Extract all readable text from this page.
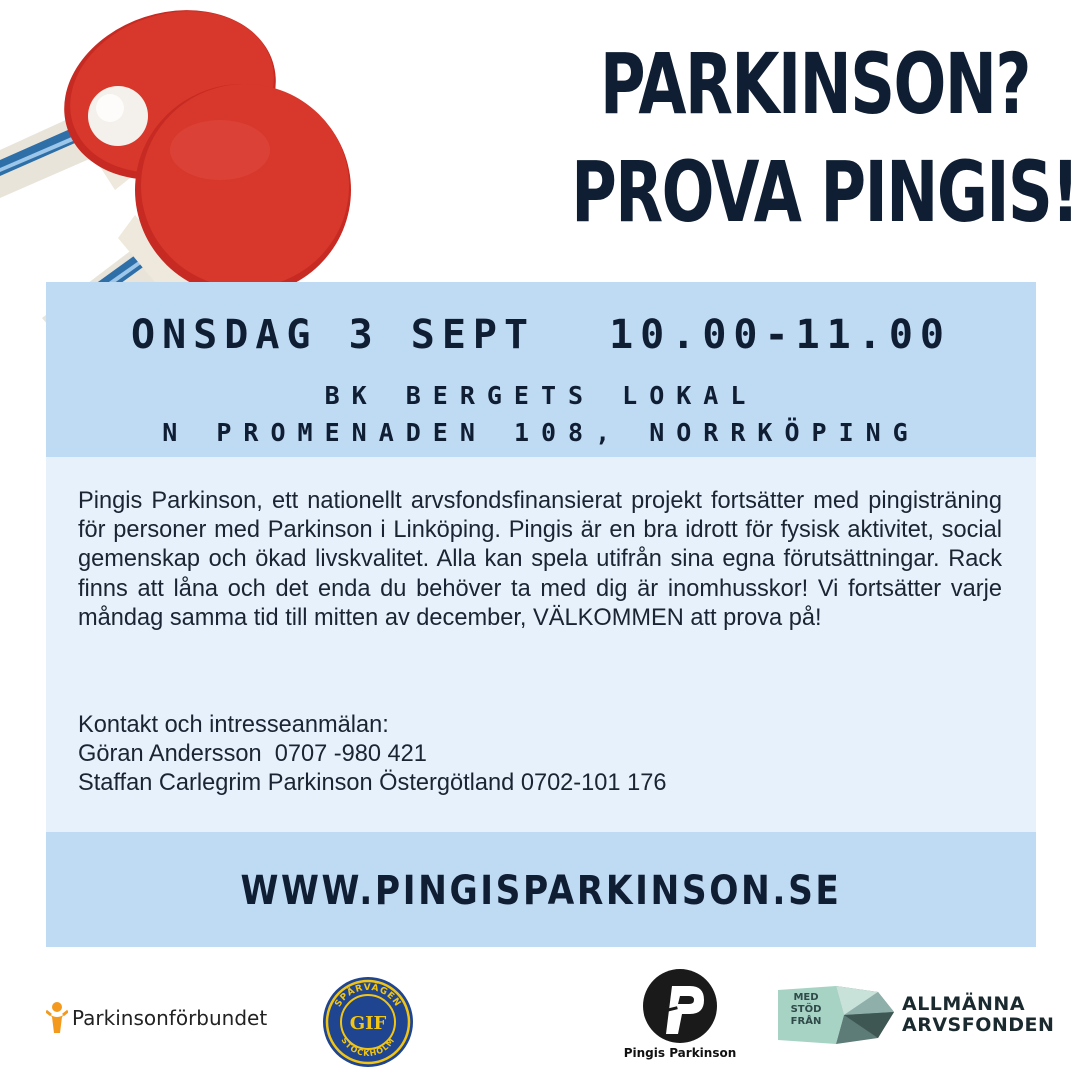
PARKINSON?
PROVA PINGIS!
ONSDAG 3 SEPT 10.00-11.00
BK BERGETS LOKAL
N PROMENADEN 108, NORRKÖPING

Pingis Parkinson, ett nationellt arvsfondsfinansierat projekt fortsätter med pingisträning för personer med Parkinson i Linköping. Pingis är en bra idrott för fysisk aktivitet, social gemenskap och ökad livskvalitet. Alla kan spela utifrån sina egna förutsättningar. Rack finns att låna och det enda du behöver ta med dig är inomhusskor! Vi fortsätter varje måndag samma tid till mitten av december, VÄLKOMMEN att prova på!

Kontakt och intresseanmälan:
Göran Andersson  0707 -980 421
Staffan Carlegrim Parkinson Östergötland 0702-101 176
WWW.PINGISPARKINSON.SE
Parkinsonförbundet
SPÅRVÄGEN
STOCKHOLM
GIF
Pingis Parkinson
MED
STÖD
FRÅN
ALLMÄNNA
ARVSFONDEN
